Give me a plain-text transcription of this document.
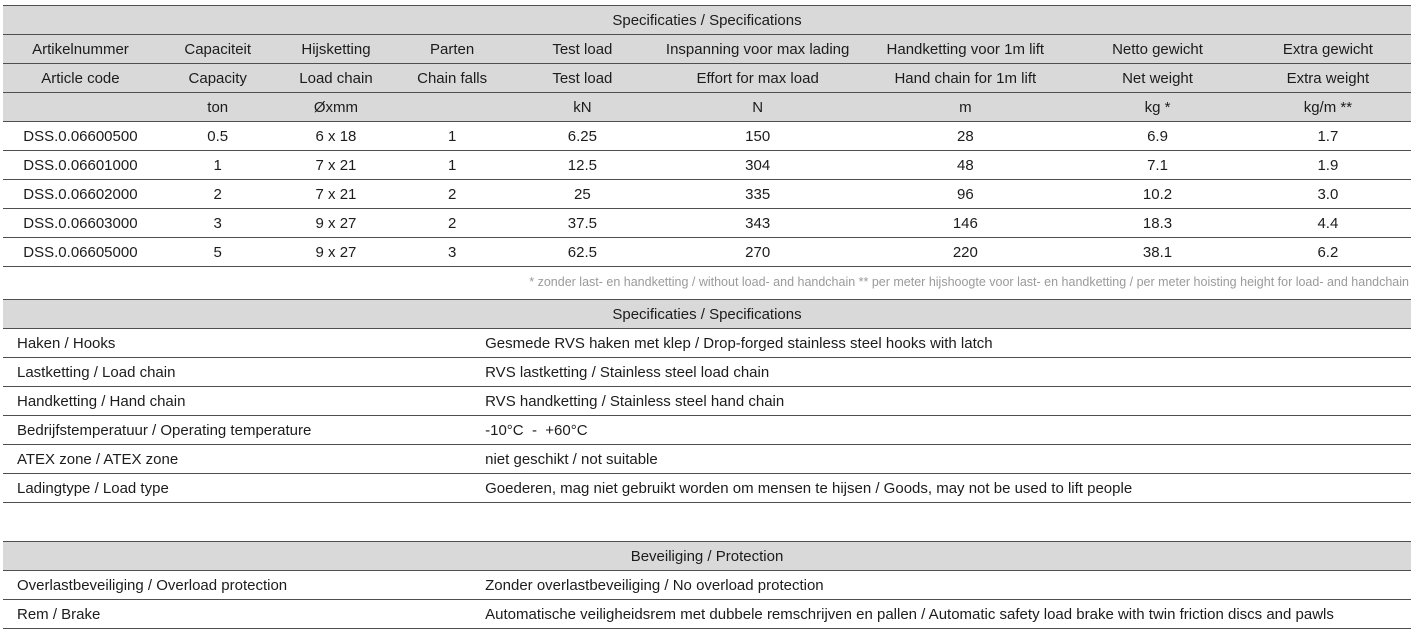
Specificaties / Specifications								
Artikelnummer	Capaciteit	Hijsketting	Parten	Test load	Inspanning voor max lading	Handketting voor 1m lift	Netto gewicht	Extra gewicht
Article code	Capacity	Load chain	Chain falls	Test load	Effort for max load	Hand chain for 1m lift	Net weight	Extra weight
	ton	Øxmm		kN	N	m	kg *	kg/m **
DSS.0.06600500	0.5	6 x 18	1	6.25	150	28	6.9	1.7
DSS.0.06601000	1	7 x 21	1	12.5	304	48	7.1	1.9
DSS.0.06602000	2	7 x 21	2	25	335	96	10.2	3.0
DSS.0.06603000	3	9 x 27	2	37.5	343	146	18.3	4.4
DSS.0.06605000	5	9 x 27	3	62.5	270	220	38.1	6.2
* zonder last- en handketting / without load- and handchain ** per meter hijshoogte voor last- en handketting / per meter hoisting height for load- and handchain
Specificaties / Specifications	
Haken / Hooks	Gesmede RVS haken met klep / Drop-forged stainless steel hooks with latch
Lastketting / Load chain	RVS lastketting / Stainless steel load chain
Handketting / Hand chain	RVS handketting / Stainless steel hand chain
Bedrijfstemperatuur / Operating temperature	-10°C  -  +60°C
ATEX zone / ATEX zone	niet geschikt / not suitable
Ladingtype / Load type	Goederen, mag niet gebruikt worden om mensen te hijsen / Goods, may not be used to lift people
Beveiliging / Protection	
Overlastbeveiliging / Overload protection	Zonder overlastbeveiliging / No overload protection
Rem / Brake	Automatische veiligheidsrem met dubbele remschrijven en pallen / Automatic safety load brake with twin friction discs and pawls
